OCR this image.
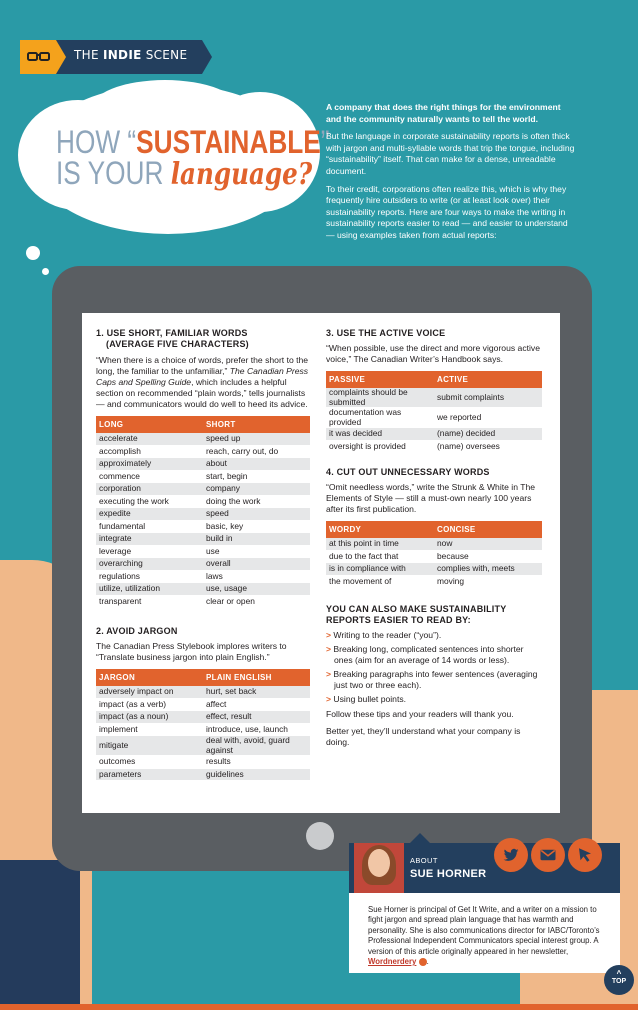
THE INDIE SCENE
HOW “SUSTAINABLE”
IS YOUR language?

A company that does the right things for the environment and the community naturally wants to tell the world.

But the language in corporate sustainability reports is often thick with jargon and multi-syllable words that trip the tongue, including “sustainability” itself. That can make for a dense, unreadable document.

To their credit, corporations often realize this, which is why they frequently hire outsiders to write (or at least look over) their sustainability reports. Here are four ways to make the writing in sustainability reports easier to read — and easier to understand — using examples taken from actual reports:

1. USE SHORT, FAMILIAR WORDS
(AVERAGE FIVE CHARACTERS)

“When there is a choice of words, prefer the short to the long, the familiar to the unfamiliar,” The Canadian Press Caps and Spelling Guide, which includes a helpful section on recommended “plain words,” tells journalists — and communicators would do well to heed its advice.

LONG	SHORT
accelerate	speed up
accomplish	reach, carry out, do
approximately	about
commence	start, begin
corporation	company
executing the work	doing the work
expedite	speed
fundamental	basic, key
integrate	build in
leverage	use
overarching	overall
regulations	laws
utilize, utilization	use, usage
transparent	clear or open
2. AVOID JARGON

The Canadian Press Stylebook implores writers to “Translate business jargon into plain English.”

JARGON	PLAIN ENGLISH
adversely impact on	hurt, set back
impact (as a verb)	affect
impact (as a noun)	effect, result
implement	introduce, use, launch
mitigate	deal with, avoid, guard against
outcomes	results
parameters	guidelines
3. USE THE ACTIVE VOICE

“When possible, use the direct and more vigorous active voice,” The Canadian Writer’s Handbook says.

PASSIVE	ACTIVE
complaints should be submitted	submit complaints
documentation was provided	we reported
it was decided	(name) decided
oversight is provided	(name) oversees
4. CUT OUT UNNECESSARY WORDS

“Omit needless words,” write the Strunk & White in The Elements of Style — still a must-own nearly 100 years after its first publication.

WORDY	CONCISE
at this point in time	now
due to the fact that	because
is in compliance with	complies with, meets
the movement of	moving
YOU CAN ALSO MAKE SUSTAINABILITY REPORTS EASIER TO READ BY:

> Writing to the reader (“you”).

> Breaking long, complicated sentences into shorter ones (aim for an average of 14 words or less).

> Breaking paragraphs into fewer sentences (averaging just two or three each).

> Using bullet points.

Follow these tips and your readers will thank you.

Better yet, they’ll understand what your company is doing.

ABOUT
SUE HORNER
Sue Horner is principal of Get It Write, and a writer on a mission to fight jargon and spread plain language that has warmth and personality. She is also communications director for IABC/Toronto’s Professional Independent Communicators special interest group. A version of this article originally appeared in her newsletter, Wordnerdery .
^
TOP
